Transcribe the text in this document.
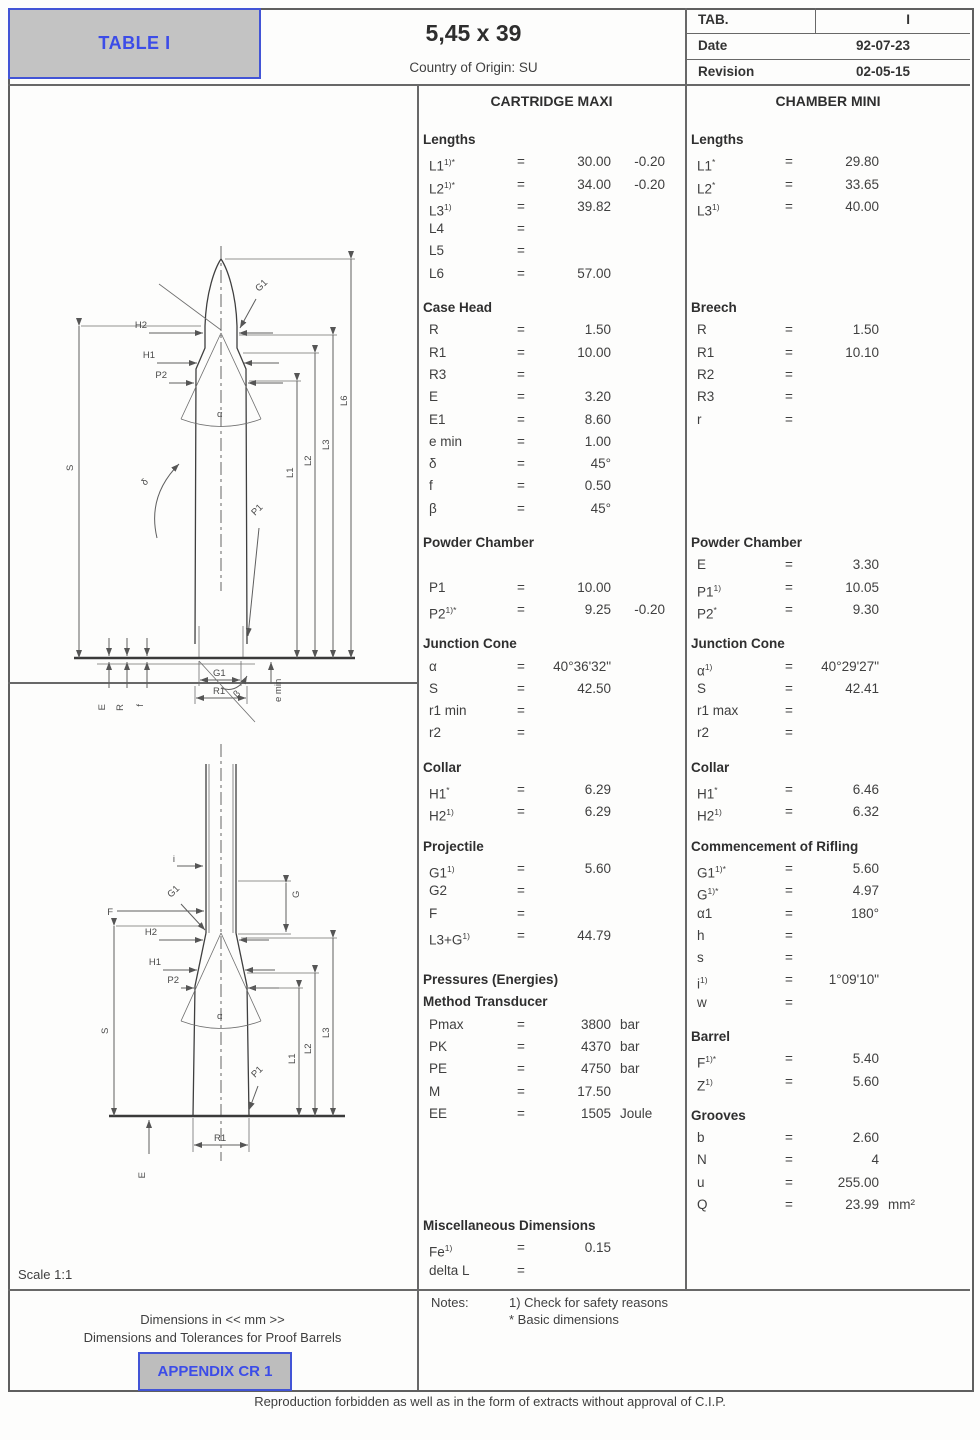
TABLE I	5,45 x 39
Country of Origin: SU
TAB.	I
Date	92-07-23
Revision	02-05-15
α
S	L1
L2
L3
L6
H2
H1
P2
G1
P1
δ
E R f
G1
R1 β	e min
α
i
G
F
G1
H2
H1
P2
S
L1
L2
L3
P1
R1
E
CARTRIDGE MAXI
Lengths
$L1^{1)*}$	=	30.00	-0.20
$L2^{1)*}$	=	34.00	-0.20
$L3^{1)}$	=	39.82
L4	=
L5	=
L6	=	57.00
Case Head
R	=	1.50
R1	=	10.00
R3	=
E	=	3.20
E1	=	8.60
e min	=	1.00
δ	=	45°
f	=	0.50
β	=	45°
Powder Chamber
P1	=	10.00
$P2^{1)*}$	=	9.25	-0.20
Junction Cone
α	=	40°36'32"
S	=	42.50
r1 min	=
r2	=
Collar
H1*	=	6.29
$H2^{1)}$	=	6.29
Projectile
$G1^{1)}$	=	5.60
G2	=
F	=
$L3+G^{1)}$	=	44.79
Pressures (Energies)
Method Transducer
Pmax	=	3800 bar
PK	=	4370 bar
PE	=	4750 bar
M	=	17.50
EE	=	1505 Joule
Miscellaneous Dimensions
$Fe^{1)}$	=	0.15
delta L	=
CHAMBER MINI
Lengths
L1*	=	29.80
L2*	=	33.65
$L3^{1)}$	=	40.00
Breech
R	=	1.50
R1	=	10.10
R2	=
R3	=
r	=
Powder Chamber
E	=	3.30
$P1^{1)}$	=	10.05
P2*	=	9.30
Junction Cone
$\alpha^{1)}$	=	40°29'27"
S	=	42.41
r1 max	=
r2	=
Collar
H1*	=	6.46
$H2^{1)}$	=	6.32
Commencement of Rifling
$G1^{1)*}$	=	5.60
$G^{1)*}$	=	4.97
α1	=	180°
h	=
s	=
$i^{1)}$	=	1°09'10"
w	=
Barrel
$F^{1)*}$	=	5.40
$Z^{1)}$	=	5.60
Grooves
b	=	2.60
N	=	4
u	=	255.00
Q	=	23.99 mm²
Scale 1:1
Dimensions in << mm >>
Dimensions and Tolerances for Proof Barrels
APPENDIX CR 1
Notes:	1) Check for safety reasons
* Basic dimensions
Reproduction forbidden as well as in the form of extracts without approval of C.I.P.
